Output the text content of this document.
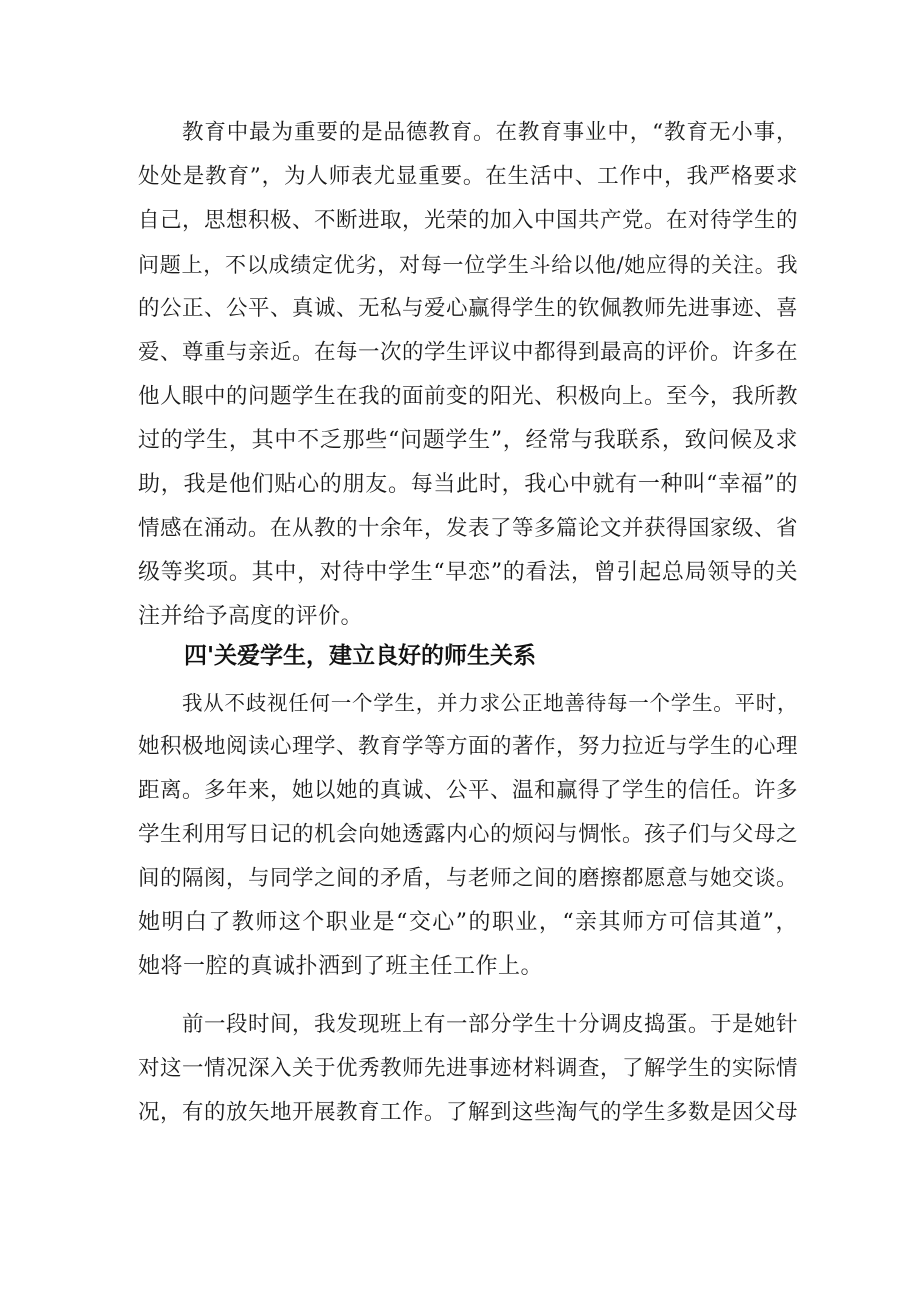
教育中最为重要的是品德教育。在教育事业中，“教育无小事，
处处是教育”，为人师表尤显重要。在生活中、工作中，我严格要求
自己，思想积极、不断进取，光荣的加入中国共产党。在对待学生的
问题上，不以成绩定优劣，对每一位学生斗给以他/她应得的关注。我
的公正、公平、真诚、无私与爱心赢得学生的钦佩教师先进事迹、喜
爱、尊重与亲近。在每一次的学生评议中都得到最高的评价。许多在
他人眼中的问题学生在我的面前变的阳光、积极向上。至今，我所教
过的学生，其中不乏那些“问题学生”，经常与我联系，致问候及求
助，我是他们贴心的朋友。每当此时，我心中就有一种叫“幸福”的
情感在涌动。在从教的十余年，发表了等多篇论文并获得国家级、省
级等奖项。其中，对待中学生“早恋”的看法，曾引起总局领导的关
注并给予高度的评价。
四'关爱学生，建立良好的师生关系
我从不歧视任何一个学生，并力求公正地善待每一个学生。平时，
她积极地阅读心理学、教育学等方面的著作，努力拉近与学生的心理
距离。多年来，她以她的真诚、公平、温和赢得了学生的信任。许多
学生利用写日记的机会向她透露内心的烦闷与惆怅。孩子们与父母之
间的隔阂，与同学之间的矛盾，与老师之间的磨擦都愿意与她交谈。
她明白了教师这个职业是“交心”的职业，“亲其师方可信其道”，
她将一腔的真诚扑洒到了班主任工作上。
前一段时间，我发现班上有一部分学生十分调皮捣蛋。于是她针
对这一情况深入关于优秀教师先进事迹材料调查，了解学生的实际情
况，有的放矢地开展教育工作。了解到这些淘气的学生多数是因父母
